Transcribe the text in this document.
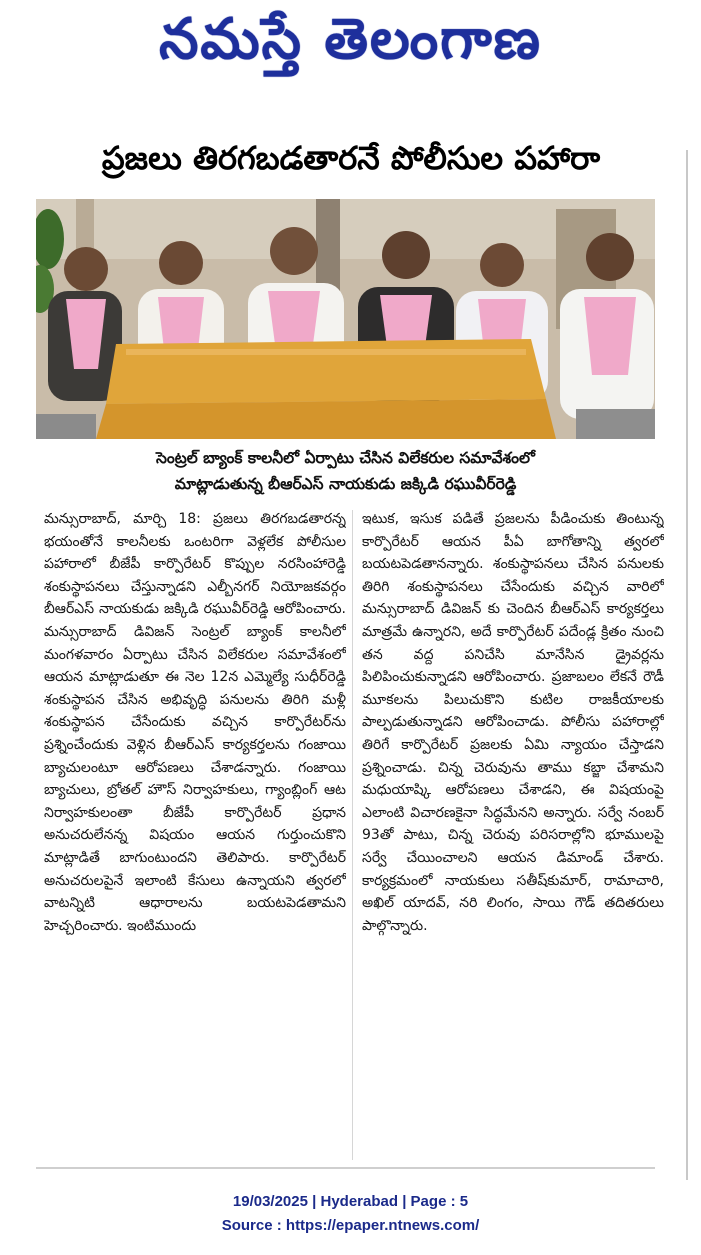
నమస్తే తెలంగాణ
ప్రజలు తిరగబడతారనే పోలీసుల పహారా
సెంట్రల్ బ్యాంక్ కాలనీలో ఏర్పాటు చేసిన విలేకరుల సమావేశంలో
మాట్లాడుతున్న బీఆర్ఎస్ నాయకుడు జక్కిడి రఘువీర్‌రెడ్డి
మన్సురాబాద్, మార్చి 18: ప్రజలు తిరగబడతారన్న భయంతోనే కాలనీలకు ఒంటరిగా వెళ్లలేక పోలీసుల పహారాలో బీజేపీ కార్పొరేటర్ కొప్పుల నరసింహారెడ్డి శంకుస్థాపనలు చేస్తున్నాడని ఎల్బీనగర్ నియోజకవర్గం బీఆర్ఎస్ నాయకుడు జక్కిడి రఘువీర్‌రెడ్డి ఆరోపించారు. మన్సురాబాద్ డివిజన్ సెంట్రల్ బ్యాంక్ కాలనీలో మంగళవారం ఏర్పాటు చేసిన విలేకరుల సమావేశంలో ఆయన మాట్లాడుతూ ఈ నెల 12న ఎమ్మెల్యే సుధీర్‌రెడ్డి శంకుస్థాపన చేసిన అభివృద్ధి పనులను తిరిగి మళ్లీ శంకుస్థాపన చేసేందుకు వచ్చిన కార్పొరేటర్‌ను ప్రశ్నించేందుకు వెళ్లిన బీఆర్ఎస్ కార్యకర్తలను గంజాయి బ్యాచులంటూ ఆరోపణలు చేశాడన్నారు. గంజాయి బ్యాచులు, బ్రోతల్ హౌస్ నిర్వాహకులు, గ్యాంబ్లింగ్ ఆట నిర్వాహకులంతా బీజేపీ కార్పొరేటర్ ప్రధాన అనుచరులేనన్న విషయం ఆయన గుర్తుంచుకొని మాట్లాడితే బాగుంటుందని తెలిపారు. కార్పొరేటర్ అనుచరులపైనే ఇలాంటి కేసులు ఉన్నాయని త్వరలో వాటన్నిటి ఆధారాలను బయటపెడతామని హెచ్చరించారు. ఇంటిముందు
ఇటుక, ఇసుక పడితే ప్రజలను పీడించుకు తింటున్న కార్పొరేటర్ ఆయన పీఏ బాగోతాన్ని త్వరలో బయటపెడతానన్నారు. శంకుస్థాపనలు చేసిన పనులకు తిరిగి శంకుస్థాపనలు చేసేందుకు వచ్చిన వారిలో మన్సురాబాద్ డివిజన్ కు చెందిన బీఆర్ఎస్ కార్యకర్తలు మాత్రమే ఉన్నారని, అదే కార్పొరేటర్ పదేండ్ల క్రితం నుంచి తన వద్ద పనిచేసి మానేసిన డ్రైవర్లను పిలిపించుకున్నాడని ఆరోపించారు. ప్రజాబలం లేకనే రౌడీ మూకలను పిలుచుకొని కుటిల రాజకీయాలకు పాల్పడుతున్నాడని ఆరోపించాడు. పోలీసు పహారాల్లో తిరిగే కార్పొరేటర్ ప్రజలకు ఏమి న్యాయం చేస్తాడని ప్రశ్నించాడు. చిన్న చెరువును తాము కబ్జా చేశామని మధుయాష్కి ఆరోపణలు చేశాడని, ఈ విషయంపై ఎలాంటి విచారణకైనా సిద్ధమేనని అన్నారు. సర్వే నంబర్ 93తో పాటు, చిన్న చెరువు పరిసరాల్లోని భూములపై సర్వే చేయించాలని ఆయన డిమాండ్ చేశారు. కార్యక్రమంలో నాయకులు సతీష్‌కుమార్, రామాచారి, అఖిల్ యాదవ్, నరి లింగం, సాయి గౌడ్ తదితరులు పాల్గొన్నారు.
19/03/2025 | Hyderabad | Page : 5
Source : https://epaper.ntnews.com/
